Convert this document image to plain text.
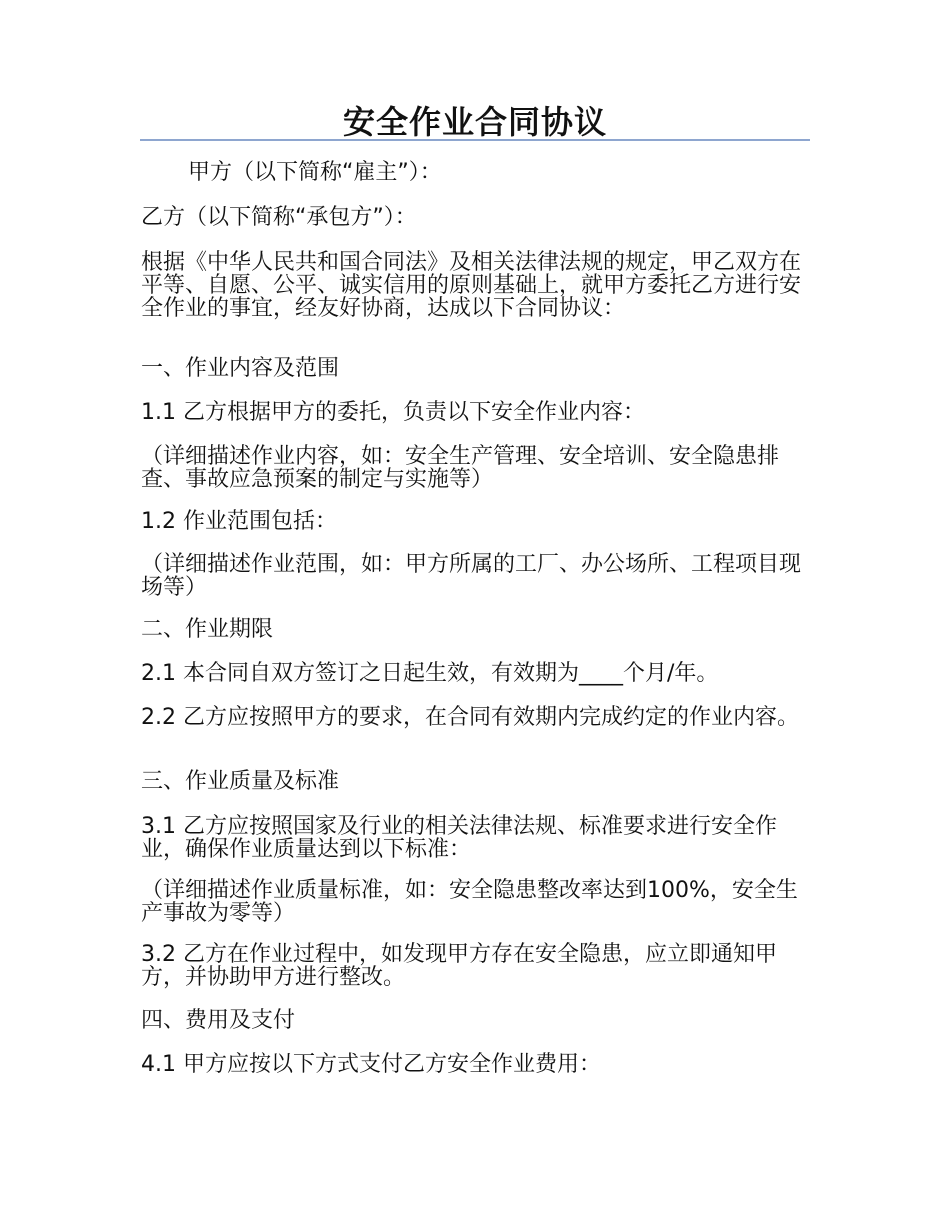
安全作业合同协议

甲方（以下简称“雇主”）：

乙方（以下简称“承包方”）：

根据《中华人民共和国合同法》及相关法律法规的规定，甲乙双方在平等、自愿、公平、诚实信用的原则基础上，就甲方委托乙方进行安全作业的事宜，经友好协商，达成以下合同协议：

一、作业内容及范围

1.1 乙方根据甲方的委托，负责以下安全作业内容：

（详细描述作业内容，如：安全生产管理、安全培训、安全隐患排查、事故应急预案的制定与实施等）

1.2 作业范围包括：

（详细描述作业范围，如：甲方所属的工厂、办公场所、工程项目现场等）

二、作业期限

2.1 本合同自双方签订之日起生效，有效期为____个月/年。

2.2 乙方应按照甲方的要求，在合同有效期内完成约定的作业内容。

三、作业质量及标准

3.1 乙方应按照国家及行业的相关法律法规、标准要求进行安全作业，确保作业质量达到以下标准：

（详细描述作业质量标准，如：安全隐患整改率达到100%，安全生产事故为零等）

3.2 乙方在作业过程中，如发现甲方存在安全隐患，应立即通知甲方，并协助甲方进行整改。

四、费用及支付

4.1 甲方应按以下方式支付乙方安全作业费用：
